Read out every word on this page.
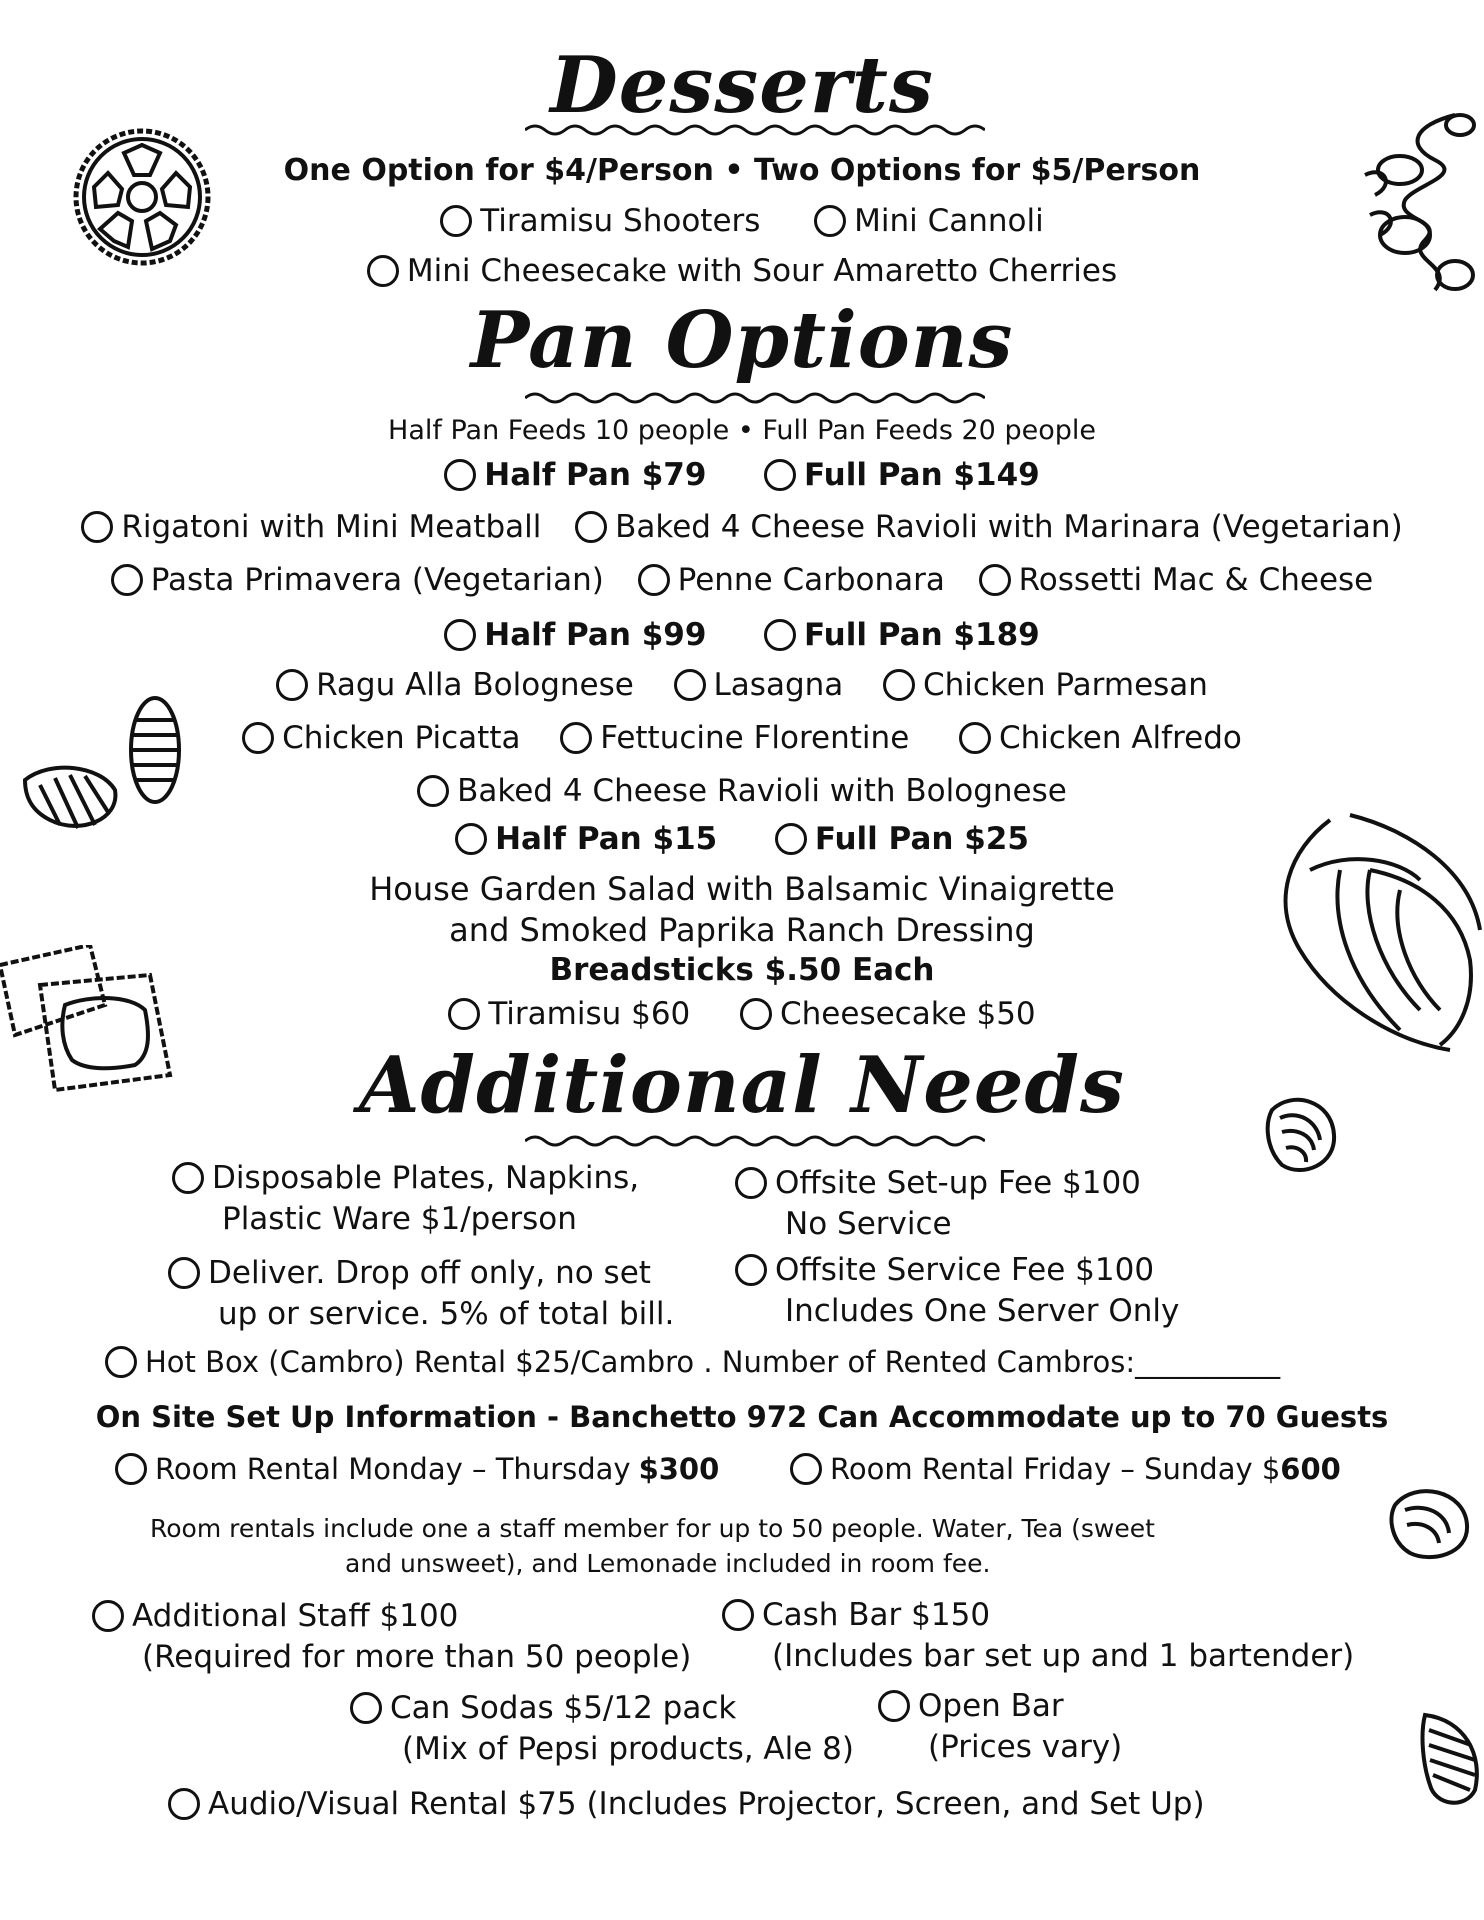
Desserts
One Option for $4/Person • Two Options for $5/Person
Tiramisu Shooters
	Mini Cannoli
Mini Cheesecake with Sour Amaretto Cherries
Pan Options
Half Pan Feeds 10 people • Full Pan Feeds 20 people
Half Pan $79
	Full Pan $149
Rigatoni with Mini Meatball
Baked 4 Cheese Ravioli with Marinara (Vegetarian)
Pasta Primavera (Vegetarian)
Penne Carbonara
Rossetti Mac & Cheese
Half Pan $99
	Full Pan $189
Ragu Alla Bolognese
	Lasagna
	Chicken Parmesan
Chicken Picatta
	Fettucine Florentine
	Chicken Alfredo
Baked 4 Cheese Ravioli with Bolognese
Half Pan $15
	Full Pan $25
House Garden Salad with Balsamic Vinaigrette
and Smoked Paprika Ranch Dressing
Breadsticks $.50 Each
Tiramisu $60
	Cheesecake $50
Additional Needs
Disposable Plates, Napkins,
Plastic Ware $1/person
Offsite Set-up Fee $100
No Service
Deliver. Drop off only, no set
up or service. 5% of total bill.
Offsite Service Fee $100
Includes One Server Only
Hot Box (Cambro) Rental $25/Cambro . Number of Rented Cambros:__________
On Site Set Up Information - Banchetto 972 Can Accommodate up to 70 Guests
Room Rental Monday – Thursday $300	Room Rental Friday – Sunday $ 600
Room rentals include one a staff member for up to 50 people. Water, Tea (sweet
and unsweet), and Lemonade included in room fee.
Additional Staff $100
(Required for more than 50 people)
Cash Bar $150
(Includes bar set up and 1 bartender)
Can Sodas $5/12 pack
(Mix of Pepsi products, Ale 8)
Open Bar
(Prices vary)
Audio/Visual Rental $75 (Includes Projector, Screen, and Set Up)
